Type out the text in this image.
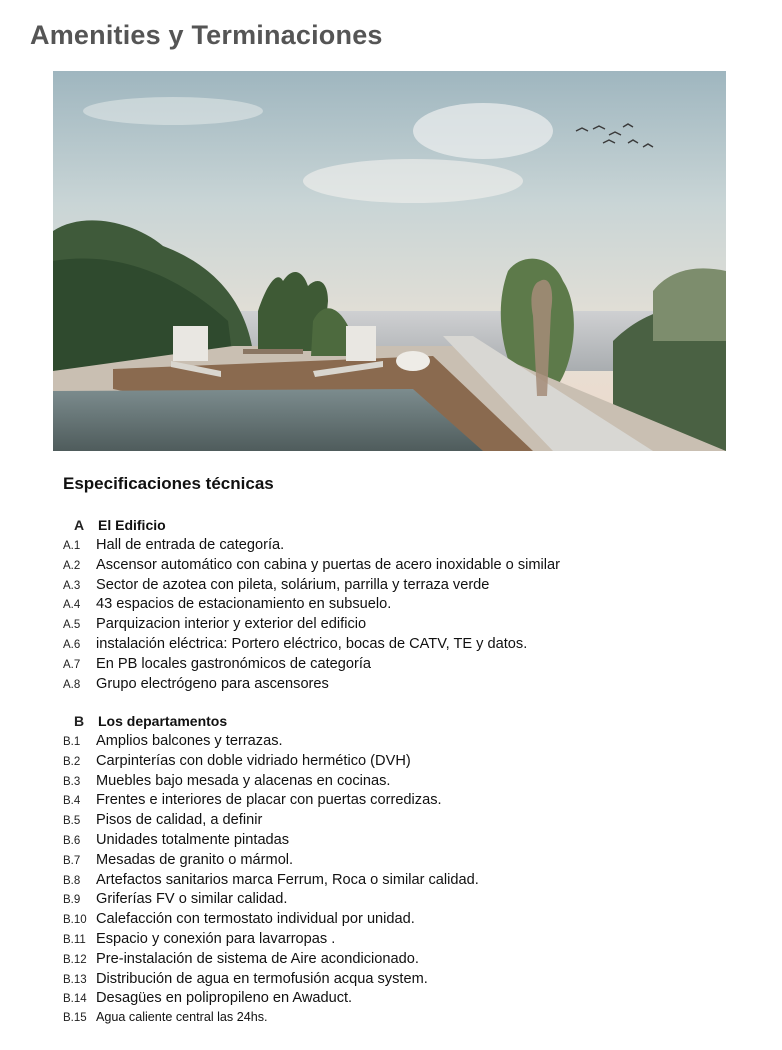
Amenities y Terminaciones
Especificaciones técnicas
A El Edificio
A.1	Hall de entrada de categoría.
A.2	Ascensor automático con cabina y puertas de acero inoxidable o similar
A.3	Sector de azotea con pileta, solárium, parrilla y terraza verde
A.4	43 espacios de estacionamiento en subsuelo.
A.5	Parquizacion interior y exterior del edificio
A.6	instalación eléctrica: Portero eléctrico, bocas de CATV, TE y datos.
A.7	En PB locales gastronómicos de categoría
A.8	Grupo electrógeno para ascensores
B Los departamentos
B.1	Amplios balcones y terrazas.
B.2	Carpinterías con doble vidriado hermético (DVH)
B.3	Muebles bajo mesada y alacenas en cocinas.
B.4	Frentes e interiores de placar con puertas corredizas.
B.5	Pisos de calidad, a definir
B.6	Unidades totalmente pintadas
B.7	Mesadas de granito o mármol.
B.8	Artefactos sanitarios marca Ferrum, Roca o similar calidad.
B.9	Griferías FV o similar calidad.
B.10 Calefacción con termostato individual por unidad.
B.11 Espacio y conexión para lavarropas .
B.12 Pre-instalación de sistema de Aire acondicionado.
B.13 Distribución de agua en termofusión acqua system.
B.14 Desagües en polipropileno en Awaduct.
B.15 Agua caliente central las 24hs.
